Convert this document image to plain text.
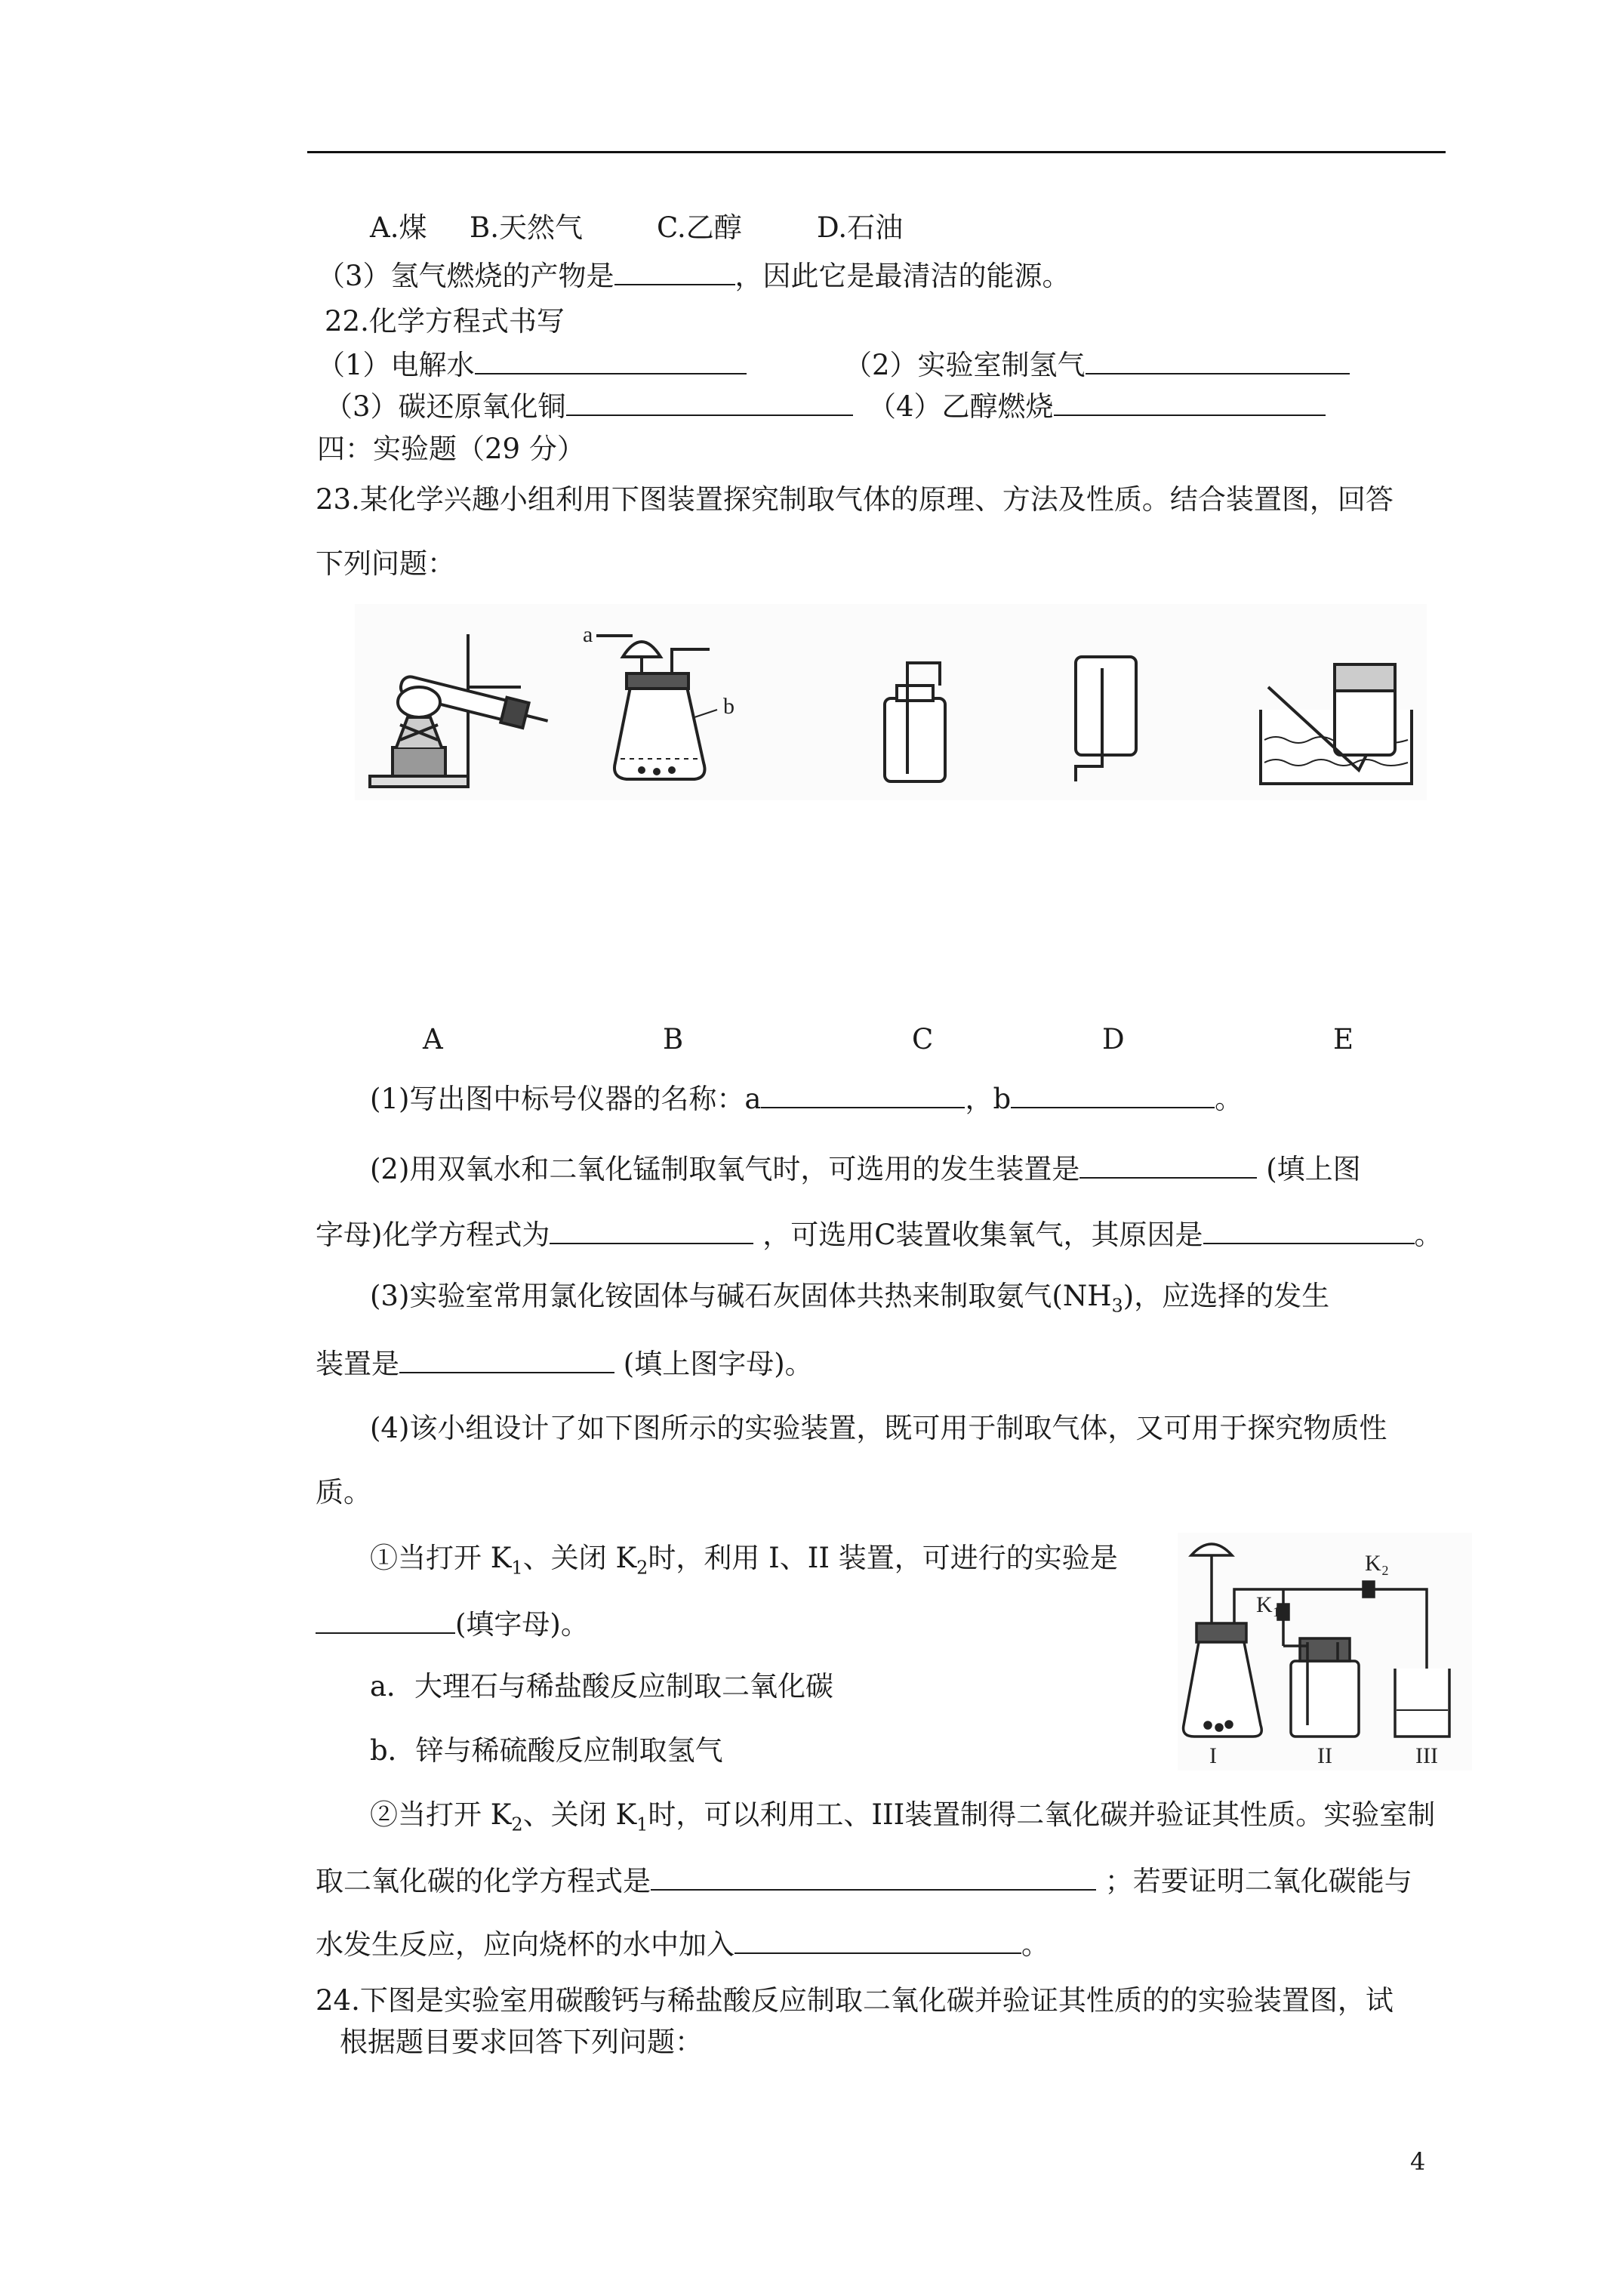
A.煤 B.天然气	C.乙醇	D.石油
（3）氢气燃烧的产物是	，因此它是最清洁的能源。
22.化学方程式书写
（1）电解水	（2）实验室制氢气
（3）碳还原氧化铜	（4）乙醇燃烧
四：实验题（29 分）
23.某化学兴趣小组利用下图装置探究制取气体的原理、方法及性质。结合装置图，回答
下列问题：
a
b
A	B	C	D	E
(1)写出图中标号仪器的名称：a	，b	。
(2)用双氧水和二氧化锰制取氧气时，可选用的发生装置是	(填上图
字母)化学方程式为	，可选用C装置收集氧气，其原因是	。
(3)实验室常用氯化铵固体与碱石灰固体共热来制取氨气$(NH_3)$，应选择的发生
装置是	(填上图字母)。
(4)该小组设计了如下图所示的实验装置，既可用于制取气体，又可用于探究物质性
质。
①当打开 $K_1$、关闭 $K_2$时，利用 I、II 装置，可进行的实验是
(填字母)。
a．大理石与稀盐酸反应制取二氧化碳
b．锌与稀硫酸反应制取氢气
K₂
K₁
I	II	III
②当打开 $K_2$、关闭 $K_1$时，可以利用工、III装置制得二氧化碳并验证其性质。实验室制
取二氧化碳的化学方程式是	；若要证明二氧化碳能与
水发生反应，应向烧杯的水中加入	。
24.下图是实验室用碳酸钙与稀盐酸反应制取二氧化碳并验证其性质的的实验装置图，试
根据题目要求回答下列问题：
4
